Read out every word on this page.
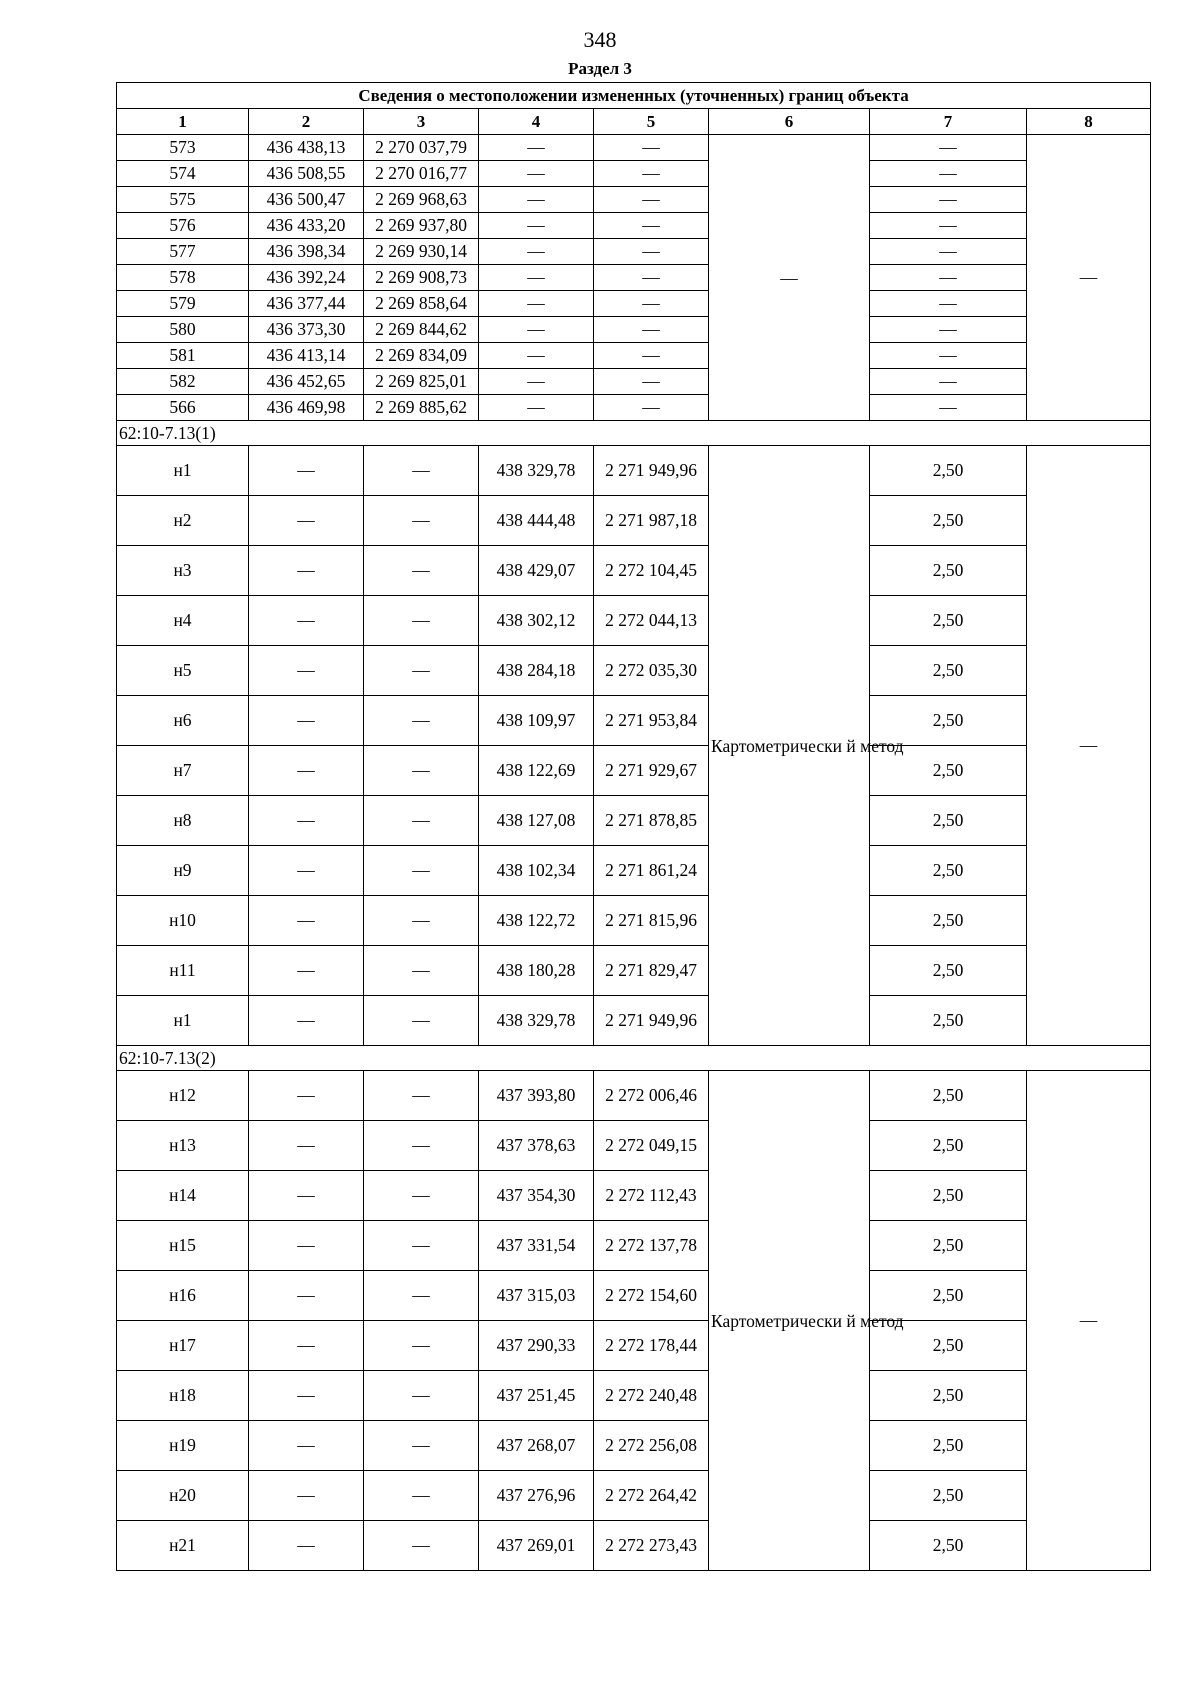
348
Раздел 3
Сведения о местоположении измененных (уточненных) границ объекта							
1	2	3	4	5	6	7	8
573	436 438,13	2 270 037,79	—	—	—	—	—
574	436 508,55	2 270 016,77	—	—		—	
575	436 500,47	2 269 968,63	—	—		—	
576	436 433,20	2 269 937,80	—	—		—	
577	436 398,34	2 269 930,14	—	—		—	
578	436 392,24	2 269 908,73	—	—		—	
579	436 377,44	2 269 858,64	—	—		—	
580	436 373,30	2 269 844,62	—	—		—	
581	436 413,14	2 269 834,09	—	—		—	
582	436 452,65	2 269 825,01	—	—		—	
566	436 469,98	2 269 885,62	—	—		—	
62:10-7.13(1)							
н1	—	—	438 329,78	2 271 949,96	Картометрически й метод	2,50	—
н2	—	—	438 444,48	2 271 987,18		2,50	
н3	—	—	438 429,07	2 272 104,45		2,50	
н4	—	—	438 302,12	2 272 044,13		2,50	
н5	—	—	438 284,18	2 272 035,30		2,50	
н6	—	—	438 109,97	2 271 953,84		2,50	
н7	—	—	438 122,69	2 271 929,67		2,50	
н8	—	—	438 127,08	2 271 878,85		2,50	
н9	—	—	438 102,34	2 271 861,24		2,50	
н10	—	—	438 122,72	2 271 815,96		2,50	
н11	—	—	438 180,28	2 271 829,47		2,50	
н1	—	—	438 329,78	2 271 949,96		2,50	
62:10-7.13(2)							
н12	—	—	437 393,80	2 272 006,46	Картометрически й метод	2,50	—
н13	—	—	437 378,63	2 272 049,15		2,50	
н14	—	—	437 354,30	2 272 112,43		2,50	
н15	—	—	437 331,54	2 272 137,78		2,50	
н16	—	—	437 315,03	2 272 154,60		2,50	
н17	—	—	437 290,33	2 272 178,44		2,50	
н18	—	—	437 251,45	2 272 240,48		2,50	
н19	—	—	437 268,07	2 272 256,08		2,50	
н20	—	—	437 276,96	2 272 264,42		2,50	
н21	—	—	437 269,01	2 272 273,43		2,50	
